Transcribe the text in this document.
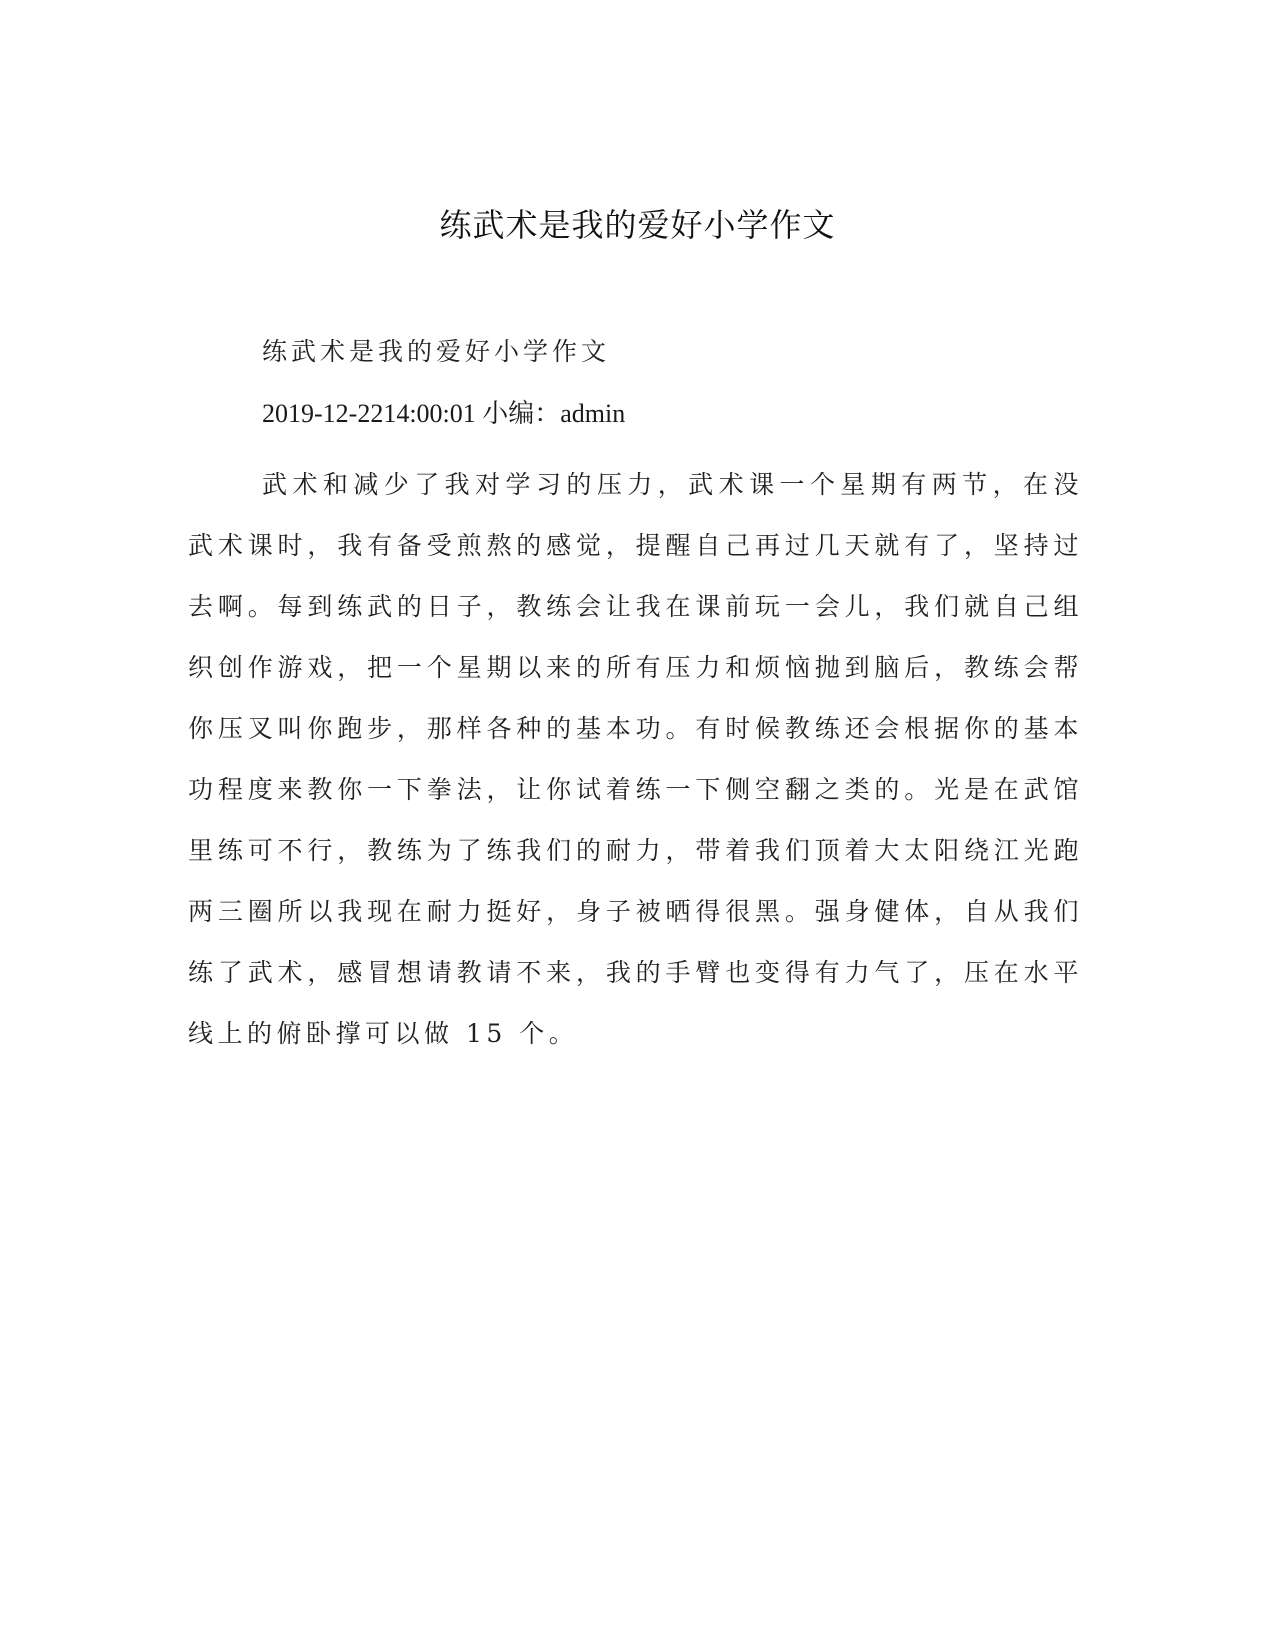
练武术是我的爱好小学作文
练武术是我的爱好小学作文
2019-12-2214:00:01 小编：admin

武术和减少了我对学习的压力，武术课一个星期有两节，在没武术课时，我有备受煎熬的感觉，提醒自己再过几天就有了，坚持过去啊。每到练武的日子，教练会让我在课前玩一会儿，我们就自己组织创作游戏，把一个星期以来的所有压力和烦恼抛到脑后，教练会帮你压叉叫你跑步，那样各种的基本功。有时候教练还会根据你的基本功程度来教你一下拳法，让你试着练一下侧空翻之类的。光是在武馆里练可不行，教练为了练我们的耐力，带着我们顶着大太阳绕江光跑两三圈所以我现在耐力挺好，身子被晒得很黑。强身健体，自从我们练了武术，感冒想请教请不来，我的手臂也变得有力气了，压在水平线上的俯卧撑可以做 15 个。
